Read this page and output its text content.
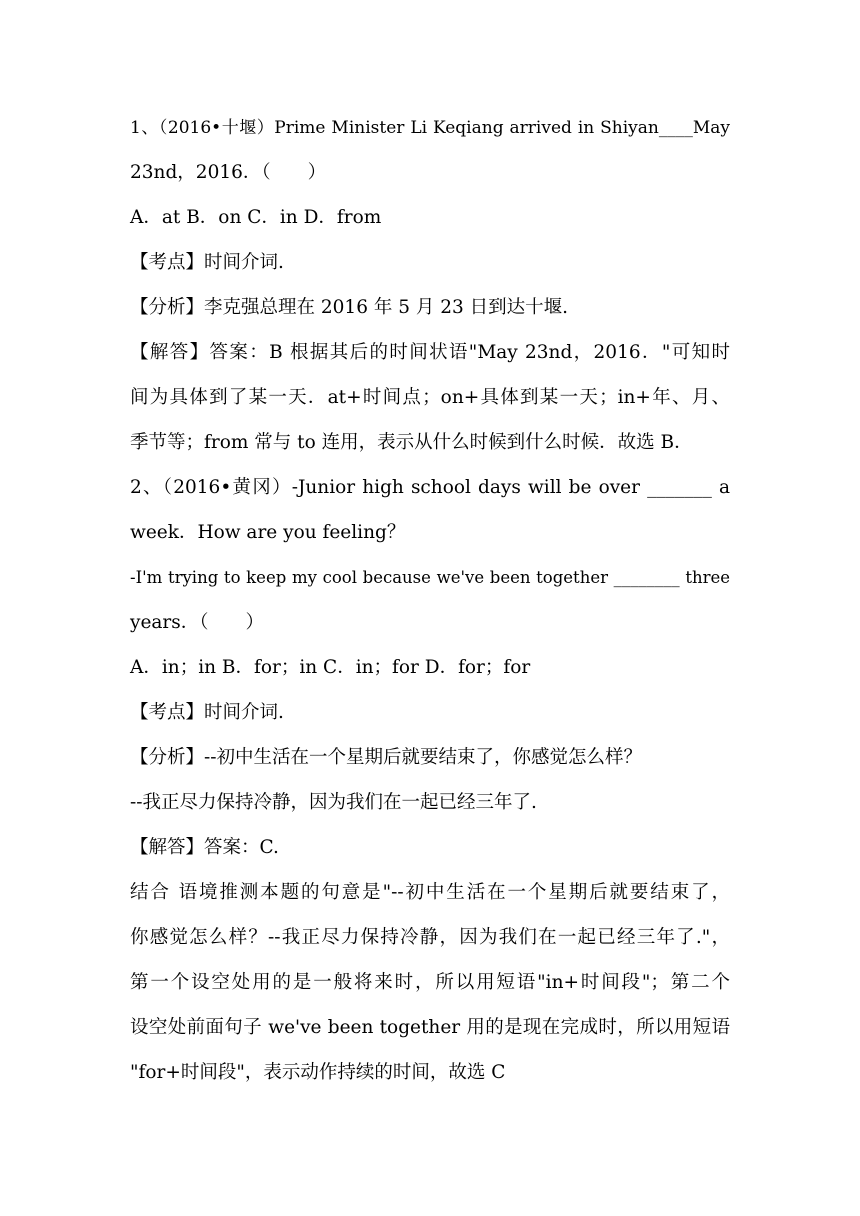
1、（2016•十堰）Prime Minister Li Keqiang arrived in Shiyan____May
23nd，2016．（　　）
A．at B．on C．in D．from
【考点】时间介词.
【分析】李克强总理在 2016 年 5 月 23 日到达十堰.
【解答】答案：B 根据其后的时间状语"May 23nd，2016．"可知时
间为具体到了某一天．at+时间点；on+具体到某一天；in+年、月、
季节等；from 常与 to 连用，表示从什么时候到什么时候．故选 B．
2、（2016•黄冈）-Junior high school days will be over _______ a
week．How are you feeling？
-I'm trying to keep my cool because we've been together ________ three
years．（　　）
A．in；in B．for；in C．in；for D．for；for
【考点】时间介词.
【分析】--初中生活在一个星期后就要结束了，你感觉怎么样？
--我正尽力保持冷静，因为我们在一起已经三年了.
【解答】答案：C.
结合 语境推测本题的句意是"--初中生活在一个星期后就要结束了，
你感觉怎么样？--我正尽力保持冷静，因为我们在一起已经三年了."，
第一个设空处用的是一般将来时，所以用短语"in+时间段"；第二个
设空处前面句子 we've been together 用的是现在完成时，所以用短语
"for+时间段"，表示动作持续的时间，故选 C
